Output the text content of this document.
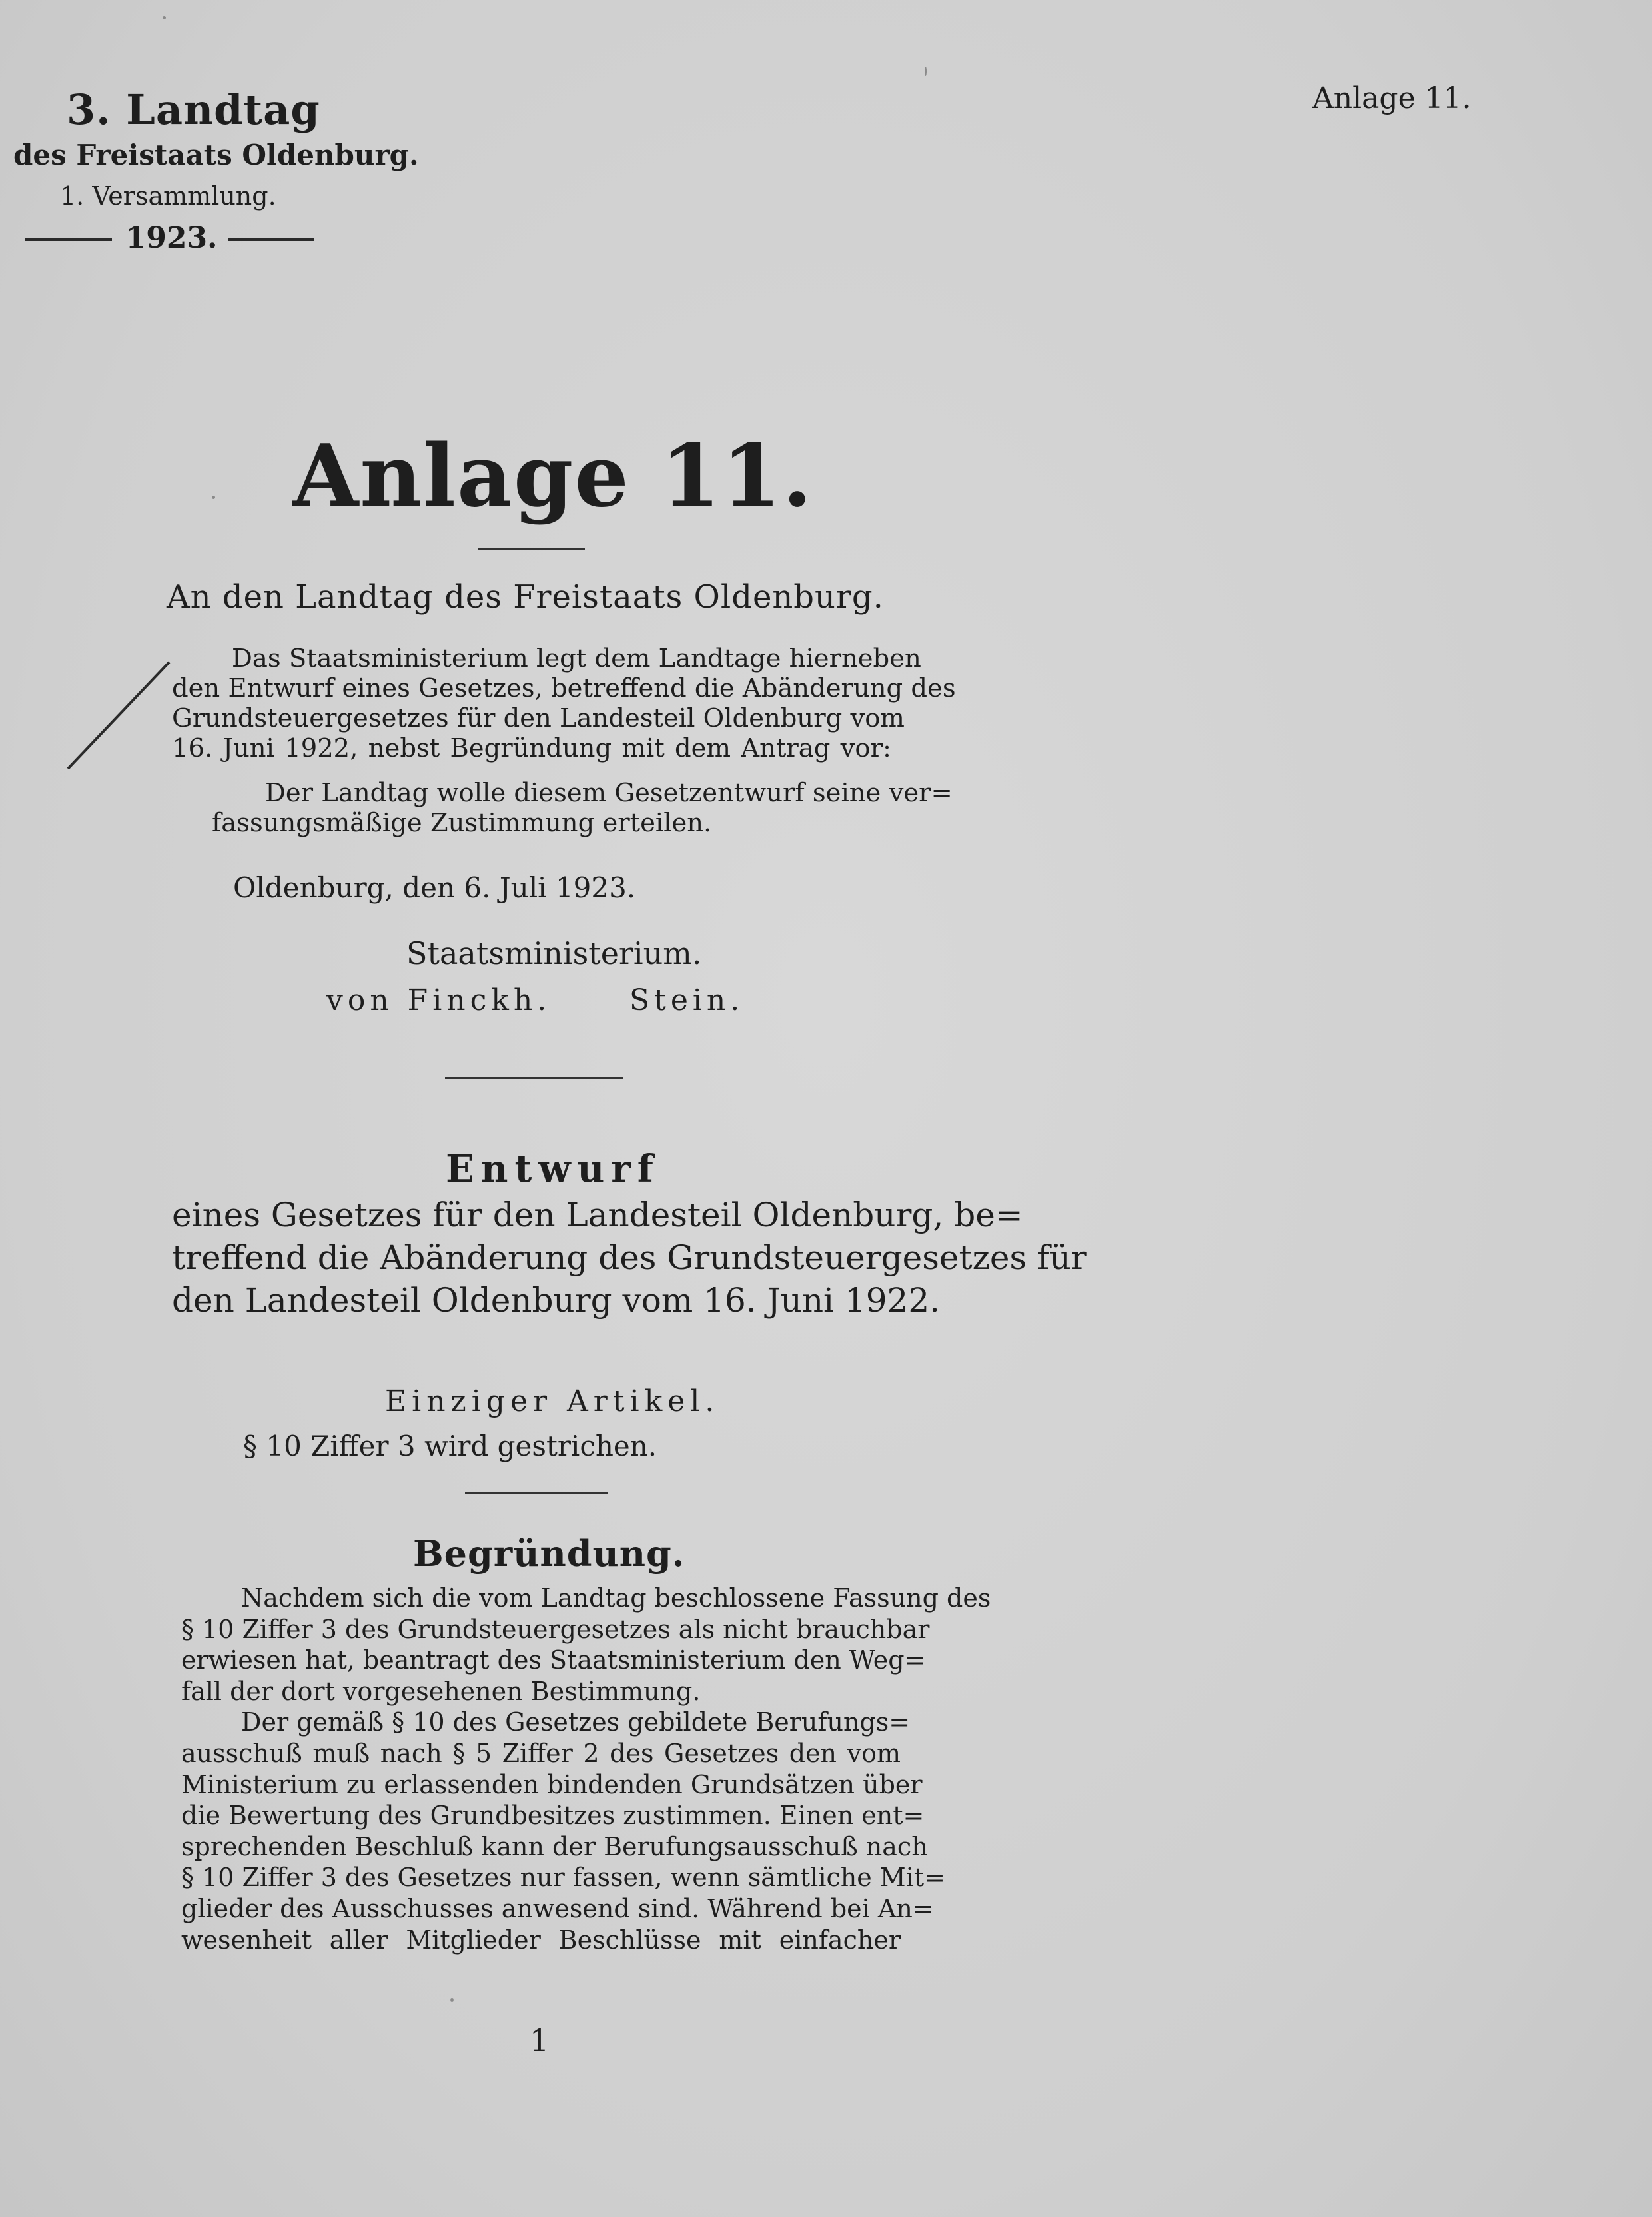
3. Landtag
des Freistaats Oldenburg.
1. Versammlung.
1923.
Anlage 11.
Anlage 11.
An den Landtag des Freistaats Oldenburg.
Das Staatsministerium legt dem Landtage hierneben
den Entwurf eines Gesetzes, betreffend die Abänderung des
Grundsteuergesetzes für den Landesteil Oldenburg vom
16. Juni 1922, nebst Begründung mit dem Antrag vor:
Der Landtag wolle diesem Gesetzentwurf seine ver=
fassungsmäßige Zustimmung erteilen.
Oldenburg, den 6. Juli 1923.
Staatsministerium.
von Finckh.	Stein.
Entwurf
eines Gesetzes für den Landesteil Oldenburg, be=
treffend die Abänderung des Grundsteuergesetzes für
den Landesteil Oldenburg vom 16. Juni 1922.
Einziger Artikel.
§ 10 Ziffer 3 wird gestrichen.
Begründung.
Nachdem sich die vom Landtag beschlossene Fassung des
§ 10 Ziffer 3 des Grundsteuergesetzes als nicht brauchbar
erwiesen hat, beantragt des Staatsministerium den Weg=
fall der dort vorgesehenen Bestimmung.
Der gemäß § 10 des Gesetzes gebildete Berufungs=
ausschuß muß nach § 5 Ziffer 2 des Gesetzes den vom
Ministerium zu erlassenden bindenden Grundsätzen über
die Bewertung des Grundbesitzes zustimmen. Einen ent=
sprechenden Beschluß kann der Berufungsausschuß nach
§ 10 Ziffer 3 des Gesetzes nur fassen, wenn sämtliche Mit=
glieder des Ausschusses anwesend sind. Während bei An=
wesenheit aller Mitglieder Beschlüsse mit einfacher
1
